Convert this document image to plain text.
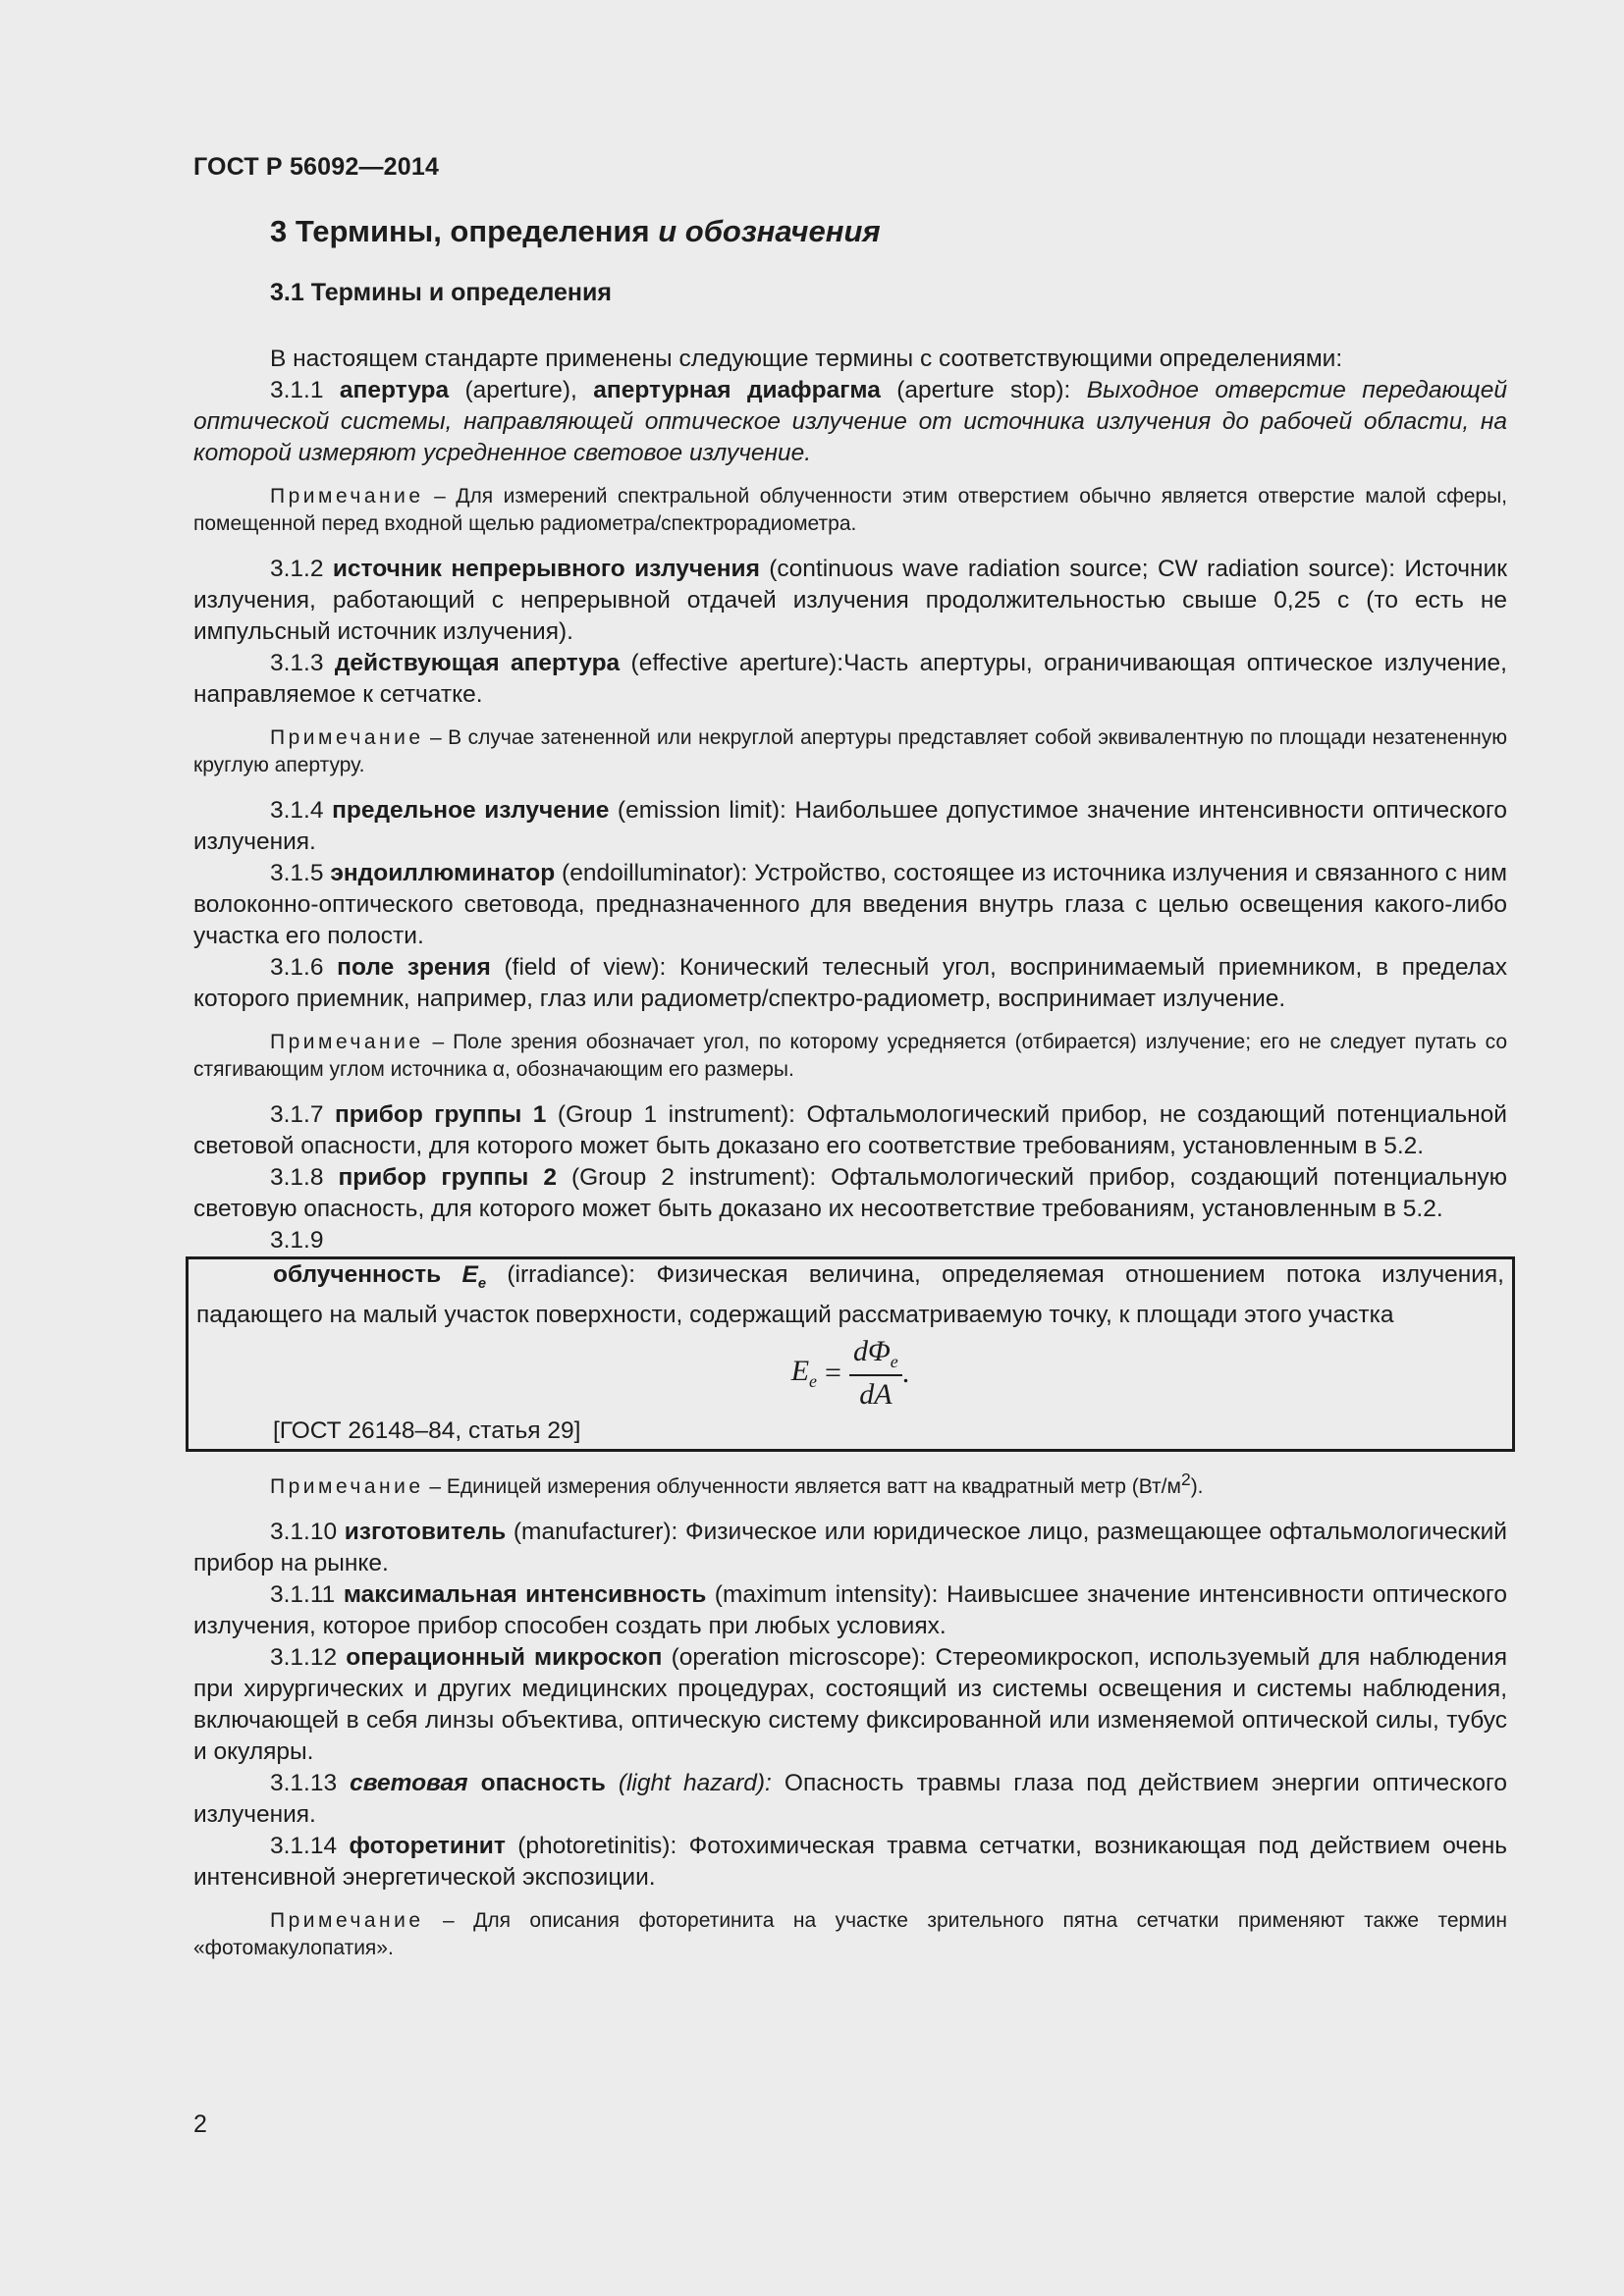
ГОСТ Р 56092—2014
3 Термины, определения и обозначения
3.1 Термины и определения

В настоящем стандарте применены следующие термины с соответствующими определениями:

3.1.1 апертура (aperture), апертурная диафрагма (aperture stop): Выходное отверстие передающей оптической системы, направляющей оптическое излучение от источника излучения до рабочей области, на которой измеряют усредненное световое излучение.

Примечание – Для измерений спектральной облученности этим отверстием обычно является отверстие малой сферы, помещенной перед входной щелью радиометра/спектрорадиометра.

3.1.2 источник непрерывного излучения (continuous wave radiation source; CW radiation source): Источник излучения, работающий с непрерывной отдачей излучения продолжительностью свыше 0,25 с (то есть не импульсный источник излучения).

3.1.3 действующая апертура (effective aperture):Часть апертуры, ограничивающая оптическое излучение, направляемое к сетчатке.

Примечание – В случае затененной или некруглой апертуры представляет собой эквивалентную по площади незатененную круглую апертуру.

3.1.4 предельное излучение (emission limit): Наибольшее допустимое значение интенсивности оптического излучения.

3.1.5 эндоиллюминатор (endoilluminator): Устройство, состоящее из источника излучения и связанного с ним волоконно-оптического световода, предназначенного для введения внутрь глаза с целью освещения какого-либо участка его полости.

3.1.6 поле зрения (field of view): Конический телесный угол, воспринимаемый приемником, в пределах которого приемник, например, глаз или радиометр/спектро-радиометр, воспринимает излучение.

Примечание – Поле зрения обозначает угол, по которому усредняется (отбирается) излучение; его не следует путать со стягивающим углом источника α, обозначающим его размеры.

3.1.7 прибор группы 1 (Group 1 instrument): Офтальмологический прибор, не создающий потенциальной световой опасности, для которого может быть доказано его соответствие требованиям, установленным в 5.2.

3.1.8 прибор группы 2 (Group 2 instrument): Офтальмологический прибор, создающий потенциальную световую опасность, для которого может быть доказано их несоответствие требованиям, установленным в 5.2.

3.1.9

облученность $E_e$ (irradiance): Физическая величина, определяемая отношением потока излучения, падающего на малый участок поверхности, содержащий рассматриваемую точку, к площади этого участка

$E_e = \frac{d\Phi_e}{dA}$ .
[ГОСТ 26148–84, статья 29]

Примечание – Единицей измерения облученности является ватт на квадратный метр $(Вт/м^2)$.

3.1.10 изготовитель (manufacturer): Физическое или юридическое лицо, размещающее офтальмологический прибор на рынке.

3.1.11 максимальная интенсивность (maximum intensity): Наивысшее значение интенсивности оптического излучения, которое прибор способен создать при любых условиях.

3.1.12 операционный микроскоп (operation microscope): Стереомикроскоп, используемый для наблюдения при хирургических и других медицинских процедурах, состоящий из системы освещения и системы наблюдения, включающей в себя линзы объектива, оптическую систему фиксированной или изменяемой оптической силы, тубус и окуляры.

3.1.13 световая опасность (light hazard): Опасность травмы глаза под действием энергии оптического излучения.

3.1.14 фоторетинит (photoretinitis): Фотохимическая травма сетчатки, возникающая под действием очень интенсивной энергетической экспозиции.

Примечание – Для описания фоторетинита на участке зрительного пятна сетчатки применяют также термин «фотомакулопатия».

2
